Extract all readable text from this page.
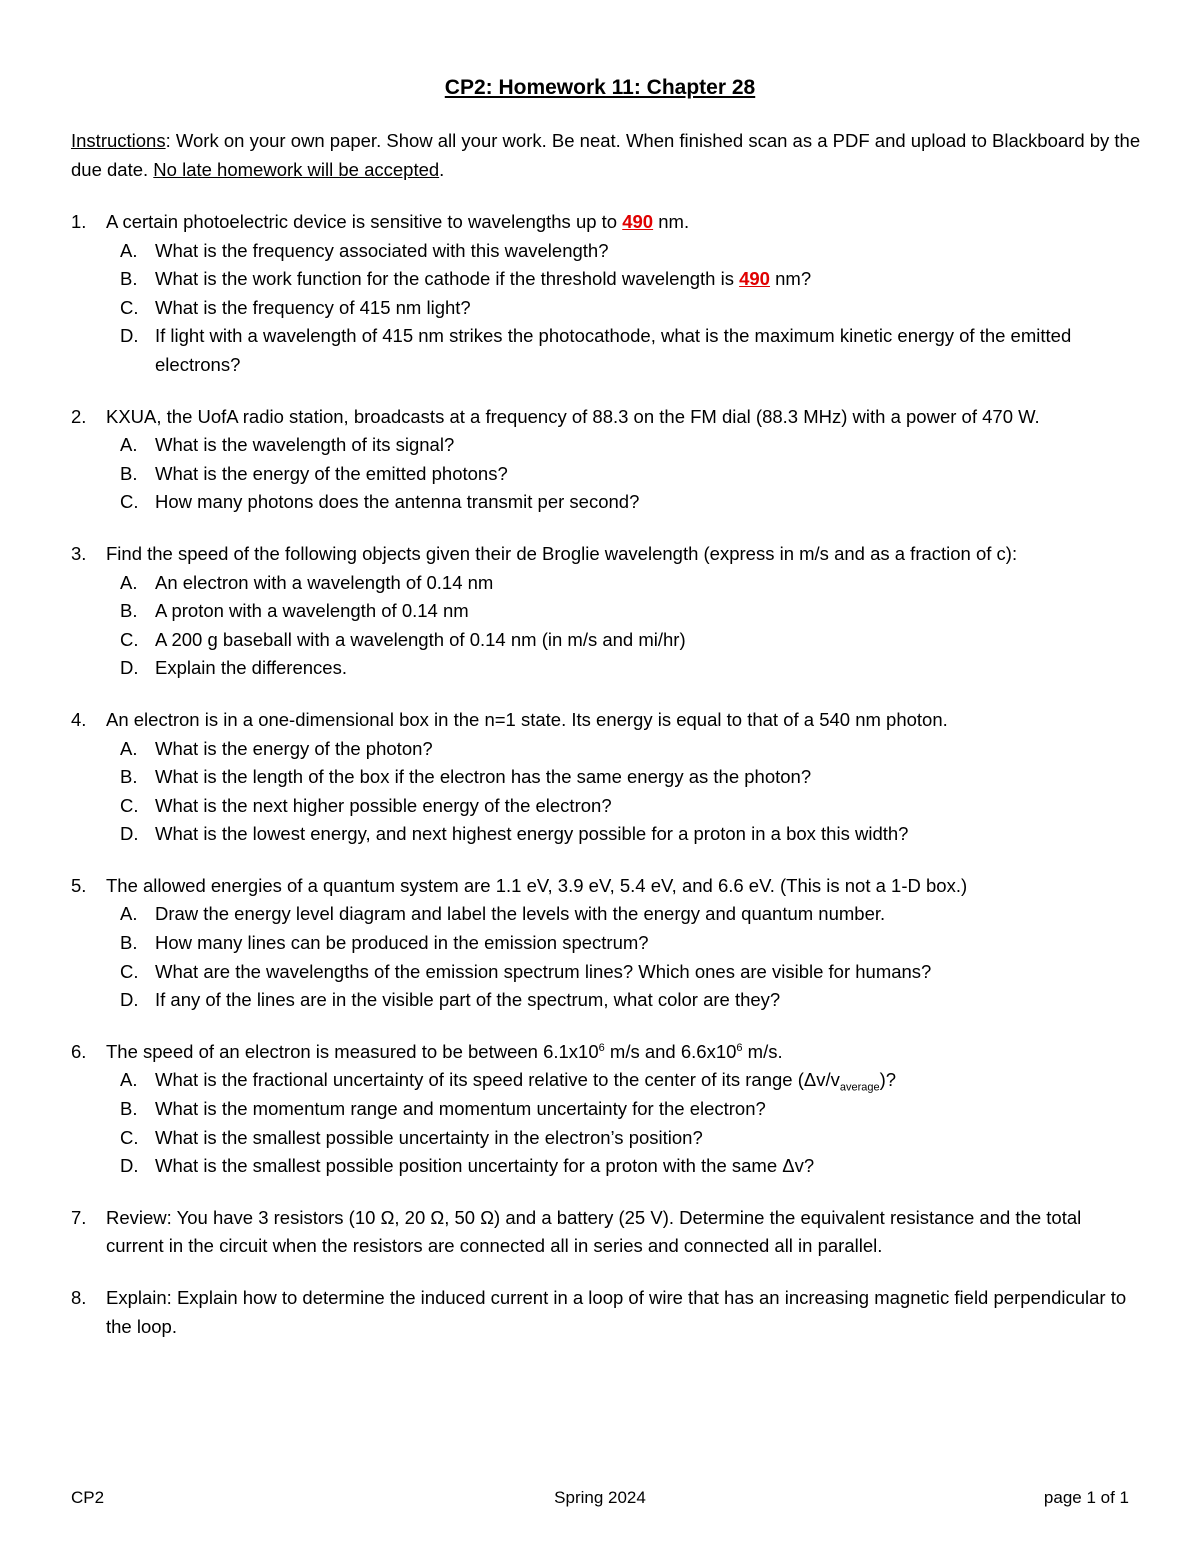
CP2: Homework 11: Chapter 28
Instructions: Work on your own paper. Show all your work. Be neat. When finished scan as a PDF and upload to Blackboard by the due date. No late homework will be accepted.
1. A certain photoelectric device is sensitive to wavelengths up to 490 nm.
A. What is the frequency associated with this wavelength?
B. What is the work function for the cathode if the threshold wavelength is 490 nm?
C. What is the frequency of 415 nm light?
D. If light with a wavelength of 415 nm strikes the photocathode, what is the maximum kinetic energy of the emitted electrons?
2. KXUA, the UofA radio station, broadcasts at a frequency of 88.3 on the FM dial (88.3 MHz) with a power of 470 W.
A. What is the wavelength of its signal?
B. What is the energy of the emitted photons?
C. How many photons does the antenna transmit per second?
3. Find the speed of the following objects given their de Broglie wavelength (express in m/s and as a fraction of c):
A. An electron with a wavelength of 0.14 nm
B. A proton with a wavelength of 0.14 nm
C. A 200 g baseball with a wavelength of 0.14 nm (in m/s and mi/hr)
D. Explain the differences.
4. An electron is in a one-dimensional box in the n=1 state. Its energy is equal to that of a 540 nm photon.
A. What is the energy of the photon?
B. What is the length of the box if the electron has the same energy as the photon?
C. What is the next higher possible energy of the electron?
D. What is the lowest energy, and next highest energy possible for a proton in a box this width?
5. The allowed energies of a quantum system are 1.1 eV, 3.9 eV, 5.4 eV, and 6.6 eV. (This is not a 1-D box.)
A. Draw the energy level diagram and label the levels with the energy and quantum number.
B. How many lines can be produced in the emission spectrum?
C. What are the wavelengths of the emission spectrum lines? Which ones are visible for humans?
D. If any of the lines are in the visible part of the spectrum, what color are they?
6. The speed of an electron is measured to be between $6.1x10^6$ m/s and $6.6x10^6$ m/s.
A. What is the fractional uncertainty of its speed relative to the center of its range $(\Delta v/v_{average})$?
B. What is the momentum range and momentum uncertainty for the electron?
C. What is the smallest possible uncertainty in the electron’s position?
D. What is the smallest possible position uncertainty for a proton with the same Δv?
7. Review: You have 3 resistors (10 Ω, 20 Ω, 50 Ω) and a battery (25 V). Determine the equivalent resistance and the total current in the circuit when the resistors are connected all in series and connected all in parallel.
8. Explain: Explain how to determine the induced current in a loop of wire that has an increasing magnetic field perpendicular to the loop.
CP2	Spring 2024	page 1 of 1
